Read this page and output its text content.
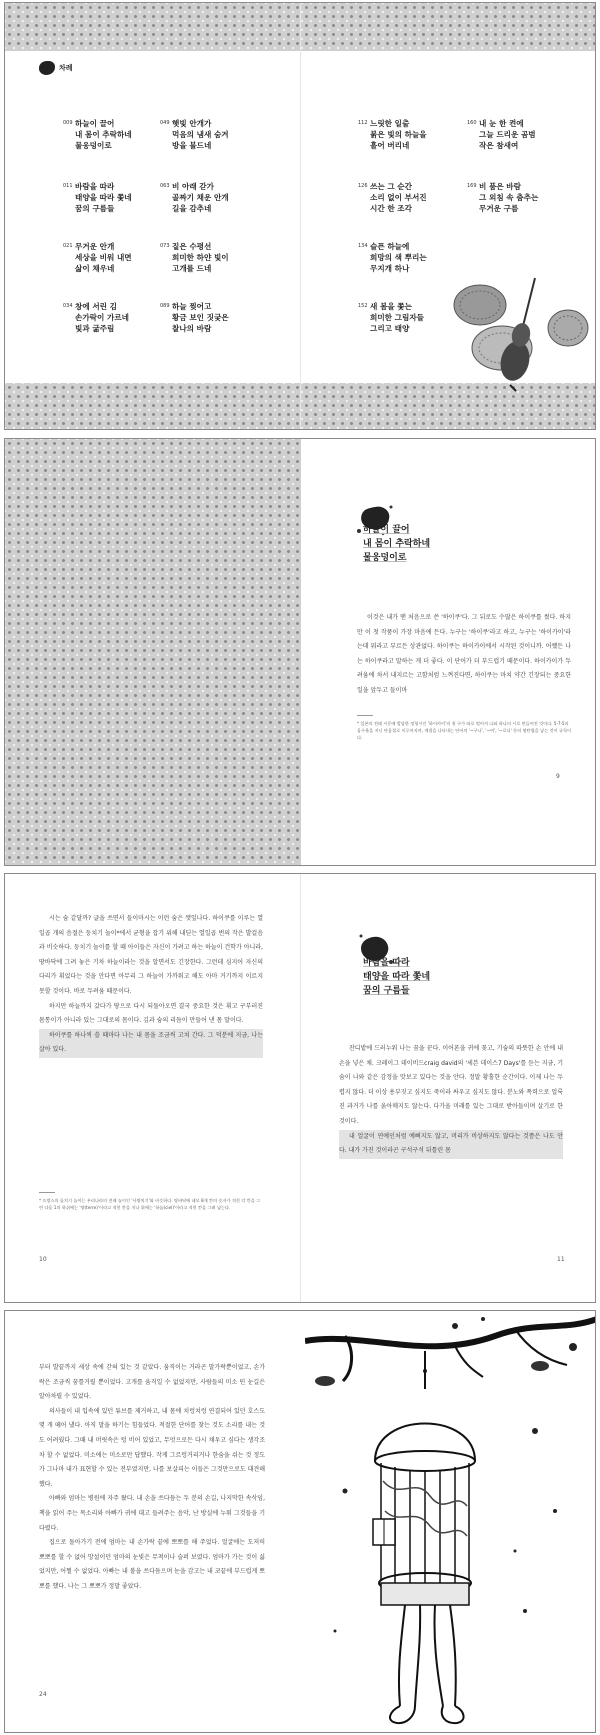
차례
009 하늘이 끌어
내 몸이 추락하네
물웅덩이로
011 바람을 따라
태양을 따라 쫓네
꿈의 구름들
021 무거운 안개
세상을 비워 내면
삶이 채우네
034 창에 서린 김
손가락이 가르네
빛과 굶주림
049 햇빛 안개가
먹음의 냄새 숨겨
방을 불드네
063 비 아래 갇가
골짜기 채운 안개
길을 감추네
073 짙은 수평선
희미한 하얀 빛이
고개를 드네
089 하늘 찢어고
황금 보인 짓궂은
찰나의 바람
112 느릿한 일출
붉은 빛의 하늘을
흘어 버리네
126 쓰는 그 순간
소리 없이 부서진
시간 한 조각
134 슬픈 하늘에
희망의 색 뿌리는
무지개 하나
152 새 봄을 쫓는
희미한 그림자들
그리고 태양
160 내 눈 한 켠에
그늘 드리운 곰범
작은 참새여
169 비 품은 바람
그 외침 속 춤추는
무거운 구름
하늘이 끌어
내 몸이 추락하네
물웅덩이로

이것은 내가 맨 처음으로 쓴 '하이쿠'다. 그 뒤로도 수많은 하이쿠를 썼다. 하지만 이 첫 작품이 가장 마음에 든다. 누구는 '하이쿠'라고 하고, 누구는 '하이카이'라는데 뭐라고 부르든 상관없다. 하이쿠는 하이카이에서 시작된 것이니까. 어쨌든 나는 하이쿠라고 말하는 게 더 좋다. 이 단어가 더 부드럽기 때문이다. 하이카이가 두려움에 차서 내지르는 고함처럼 느껴진다면, 하이쿠는 마치 약간 긴장되는 중요한 일을 앞두고 들이마

* 일본의 전래 시문에 발달한 정형시인 '하이카이'의 첫 구가 따로 떨어져 나와 하나의 시로 만들어진 것이다. 5·7·5의 음수율을 지닌 단음절로 이루어지며, 계절을 나타내는 단어의 '~구나', '~여', '~로다' 등의 영탄법을 넣는 것이 규칙이다.
9

시는 숨 같달까? 글을 쓰면서 들이마시는 이런 숨은 깻잎나다. 하이쿠를 이루는 열일곱 개의 음절은 둥치기 놀이*에서 균형을 잡기 위해 내딛는 열일곱 번의 작은 발걸음과 비슷하다. 둥치기 놀이를 할 때 아이들은 자신이 가려고 하는 하늘이 건학가 아니라, 땅바닥에 그려 놓은 기차 하늘이라는 것을 알면서도 긴장한다. 그런데 심지어 자신의 다리가 휘었다는 것을 안다면 아무리 그 하늘이 가까워고 해도 아마 거기까지 이르지 못할 것이다. 바로 두려움 때문이다.

하지만 하늘까지 갔다가 땅으로 다시 되돌아오면 결국 중요한 것은 휘고 구부러진 몸통이가 아니라 있는 그대로의 몸이다. 깊과 숨의 리듬이 만들어 낸 몸 말이다.

하이쿠를 하나씩 쓸 때마다 나는 내 몸을 조금씩 고쳐 간다. 그 덕분에 지금, 나는 살아 있다.

* 프랑스의 돌치기 놀이는 우리나라의 전래 놀이인 '사방치기'와 비슷하다. 땅바닥에 네모 8개 칸의 숫자가 적힌 각 칸을 그린 다음 1의 하쉬에는 '땅(terre)'이라고 적힌 칸을 지나 위에는 '하늘(ciel)'이라고 적힌 칸을 그려 넣는다.
10
바람을 따라
태양을 따라 쫓네
꿈의 구름들

잔디밭에 드러누워 나는 꿈을 꾼다. 이어폰을 귀에 꽂고, 기숨의 따뜻한 손 안에 내 손을 넣은 채. 크레이그 데이비드craig david의 '세븐 데이스7 Days'를 듣는 지금, 기숨이 나와 같은 감정을 맛보고 있다는 것을 안다. 정말 황홀한 순간이다. 이제 나는 두렵지 않다. 더 이상 용부짓고 싶지도 죽이라 싸우고 싶지도 않다. 분노와 폭력으로 얼룩진 과거가 나를 옭아매지도 않는다. 다가올 미래를 있는 그대로 받아들이며 살기로 한 것이다.

내 얼굴이 연예인처럼 예뻐지도 않고, 머리가 비상하지도 않다는 것쯤은 나도 안다. 내가 가진 것이라곤 구석구석 뒤틀린 몸

11

부터 발끝까지 세상 속에 갇혀 있는 것 같았다. 움직이는 거라곤 말가락뿐이었고, 손가락은 조금씩 꿈틀거릴 뿐이었다. 고개를 움직일 수 없었지만, 사람들의 미소 띤 눈길은 알아차릴 수 있었다.

의사들이 내 입속에 있던 튜브를 제거하고, 내 몸에 치렁치렁 연결되어 있던 호스도 몇 개 떼어 냈다. 아직 말을 하기는 힘들었다. 적절한 단어를 찾는 것도 소리를 내는 것도 어려웠다. 그때 내 머릿속은 텅 비어 있었고, 무엇으로든 다시 채우고 싶다는 생각조차 할 수 없었다. 미소에는 미소로만 답했다. 작게 그르렁거리거나 한숨을 쉬는 것 정도가 그나마 내가 표현할 수 있는 전부였지만, 나를 보살피는 이들은 그것만으로도 대견해했다.

아빠와 엄마는 병원에 자주 왔다. 내 손을 쓰다듬는 두 분의 손길, 나지막한 속삭임, 책을 읽어 주는 목소리와 아빠가 귀에 대고 들려주는 음악, 난 방실에 누워 그것들을 기다렸다.

집으로 돌아가기 전에 엄마는 내 손가락 끝에 뽀뽀를 해 주었다. 얼굴에는 도저히 뽀뽀를 할 수 없어 망설이던 엄마의 눈빛은 무척이나 슬퍼 보였다. 엄마가 가는 것이 싫었지만, 어쩔 수 없었다. 아빠는 내 볼을 쓰다듬으며 눈을 감고는 내 코끝에 부드럽게 뽀뽀를 했다. 나는 그 뽀뽀가 정말 좋았다.

24
